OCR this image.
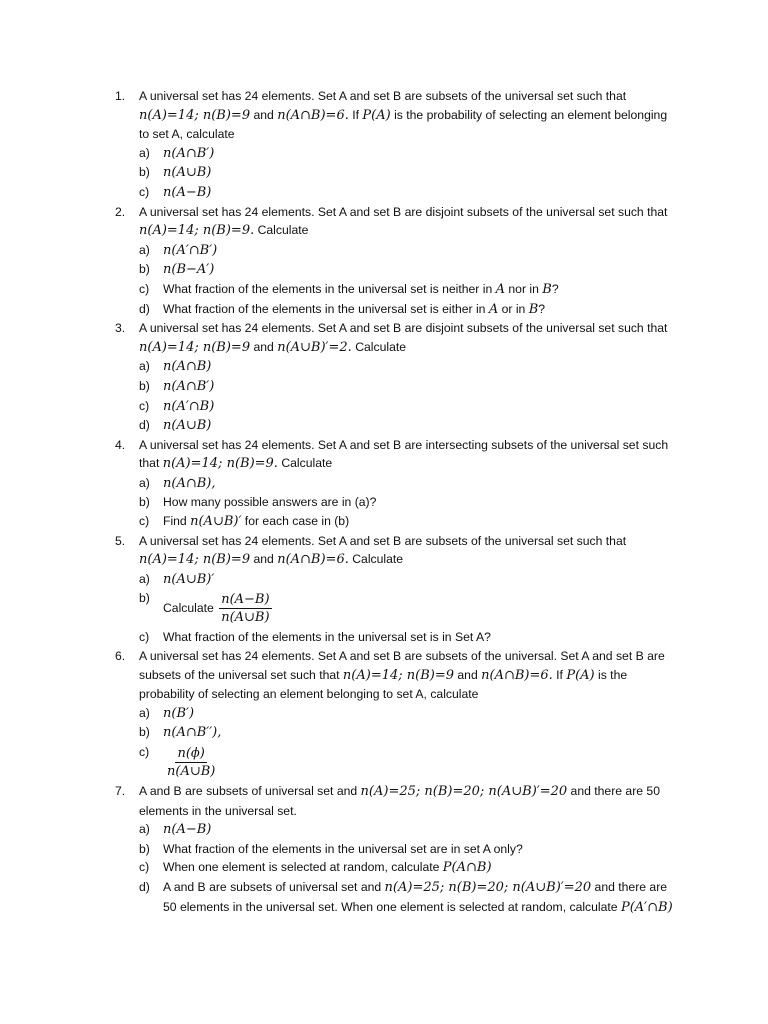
1. A universal set has 24 elements. Set A and set B are subsets of the universal set such that n(A)=14; n(B)=9 and n(A∩B)=6. If P(A) is the probability of selecting an element belonging to set A, calculate
a) n(A∩B′)
b) n(A∪B)
c) n(A−B)
2. A universal set has 24 elements. Set A and set B are disjoint subsets of the universal set such that n(A)=14; n(B)=9. Calculate
a) n(A′∩B′)
b) n(B−A′)
c) What fraction of the elements in the universal set is neither in A nor in B?
d) What fraction of the elements in the universal set is either in A or in B?
3. A universal set has 24 elements. Set A and set B are disjoint subsets of the universal set such that n(A)=14; n(B)=9 and n(A∪B)′=2. Calculate
a) n(A∩B)
b) n(A∩B′)
c) n(A′∩B)
d) n(A∪B)
4. A universal set has 24 elements. Set A and set B are intersecting subsets of the universal set such that n(A)=14; n(B)=9. Calculate
a) n(A∩B),
b) How many possible answers are in (a)?
c) Find n(A∪B)′ for each case in (b)
5. A universal set has 24 elements. Set A and set B are subsets of the universal set such that n(A)=14; n(B)=9 and n(A∩B)=6. Calculate
a) n(A∪B)′
b)
Calculate $\frac{n(A-B)}{n(A\cup B)}$
c) What fraction of the elements in the universal set is in Set A?
6. A universal set has 24 elements. Set A and set B are subsets of the universal. Set A and set B are subsets of the universal set such that n(A)=14; n(B)=9 and n(A∩B)=6. If P(A) is the probability of selecting an element belonging to set A, calculate
a) n(B′)
b) n(A∩B′′),
$c) \frac{n(\phi)}{n(A\cup B)}$
7. A and B are subsets of universal set and n(A)=25; n(B)=20; n(A∪B)′=20 and there are 50 elements in the universal set.
a) n(A−B)
b) What fraction of the elements in the universal set are in set A only?
c) When one element is selected at random, calculate P(A∩B)
d) A and B are subsets of universal set and n(A)=25; n(B)=20; n(A∪B)′=20 and there are 50 elements in the universal set. When one element is selected at random, calculate P(A′∩B)
